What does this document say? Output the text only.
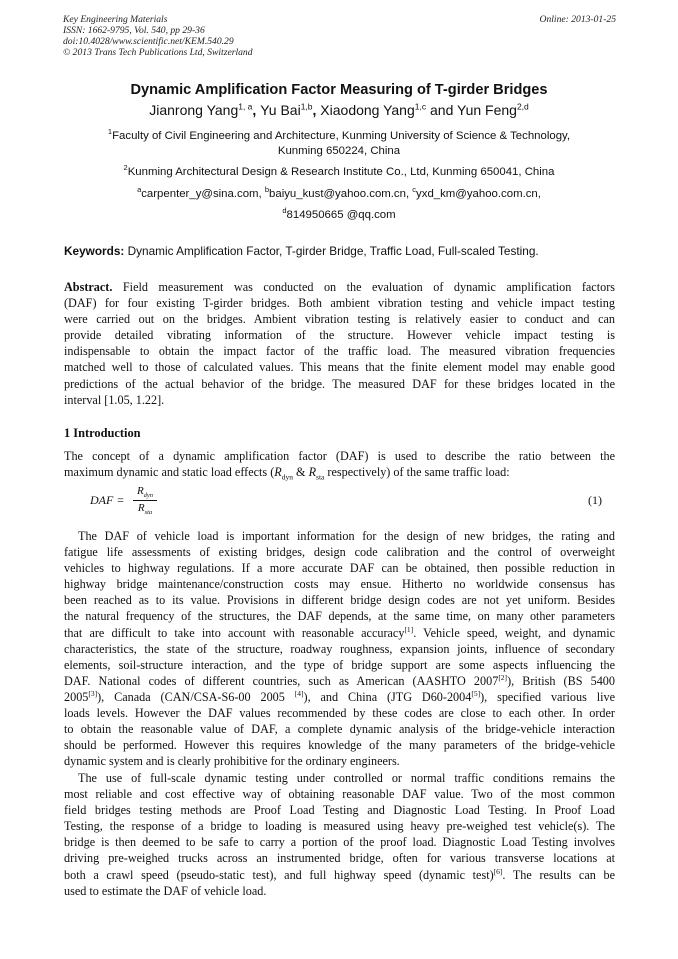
Key Engineering Materials
ISSN: 1662-9795, Vol. 540, pp 29-36
doi:10.4028/www.scientific.net/KEM.540.29
© 2013 Trans Tech Publications Ltd, Switzerland
Online: 2013-01-25
Dynamic Amplification Factor Measuring of T-girder Bridges
Jianrong Yang$^{1, a}$, Yu Bai$^{1,b}$, Xiaodong Yang$^{1,c}$ and Yun Feng$^{2,d}$
$^1$Faculty of Civil Engineering and Architecture, Kunming University of Science & Technology,
Kunming 650224, China
$^2$Kunming Architectural Design & Research Institute Co., Ltd, Kunming 650041, China
$^a$carpenter_y@sina.com, $^b$baiyu_kust@yahoo.com.cn, $^c$yxd_km@yahoo.com.cn,
$^d$814950665 @qq.com
Keywords: Dynamic Amplification Factor, T-girder Bridge, Traffic Load, Full-scaled Testing.
Abstract. Field measurement was conducted on the evaluation of dynamic amplification factors
(DAF) for four existing T-girder bridges. Both ambient vibration testing and vehicle impact testing
were carried out on the bridges. Ambient vibration testing is relatively easier to conduct and can
provide detailed vibrating information of the structure. However vehicle impact testing is
indispensable to obtain the impact factor of the traffic load. The measured vibration frequencies
matched well to those of calculated values. This means that the finite element model may enable good
predictions of the actual behavior of the bridge. The measured DAF for these bridges located in the
interval [1.05, 1.22].
1 Introduction
The concept of a dynamic amplification factor (DAF) is used to describe the ratio between the
maximum dynamic and static load effects ($R_{dyn}$ & $R_{sta}$ respectively) of the same traffic load:
DAF =
$R_{dyn}$
$R_{sta}$
(1)
The DAF of vehicle load is important information for the design of new bridges, the rating and
fatigue life assessments of existing bridges, design code calibration and the control of overweight
vehicles to highway regulations. If a more accurate DAF can be obtained, then possible reduction in
highway bridge maintenance/construction costs may ensue. Hitherto no worldwide consensus has
been reached as to its value. Provisions in different bridge design codes are not yet uniform. Besides
the natural frequency of the structures, the DAF depends, at the same time, on many other parameters
that are difficult to take into account with reasonable accuracy[1]. Vehicle speed, weight, and dynamic
characteristics, the state of the structure, roadway roughness, expansion joints, influence of secondary
elements, soil-structure interaction, and the type of bridge support are some aspects influencing the
DAF. National codes of different countries, such as American (AASHTO 2007[2]), British (BS 5400
2005[3]), Canada (CAN/CSA-S6-00 2005 [4]), and China (JTG D60-2004[5]), specified various live
loads levels. However the DAF values recommended by these codes are close to each other. In order
to obtain the reasonable value of DAF, a complete dynamic analysis of the bridge-vehicle interaction
should be performed. However this requires knowledge of the many parameters of the bridge-vehicle
dynamic system and is clearly prohibitive for the ordinary engineers.
The use of full-scale dynamic testing under controlled or normal traffic conditions remains the
most reliable and cost effective way of obtaining reasonable DAF value. Two of the most common
field bridges testing methods are Proof Load Testing and Diagnostic Load Testing. In Proof Load
Testing, the response of a bridge to loading is measured using heavy pre-weighed test vehicle(s). The
bridge is then deemed to be safe to carry a portion of the proof load. Diagnostic Load Testing involves
driving pre-weighed trucks across an instrumented bridge, often for various transverse locations at
both a crawl speed (pseudo-static test), and full highway speed (dynamic test)[6]. The results can be
used to estimate the DAF of vehicle load.
